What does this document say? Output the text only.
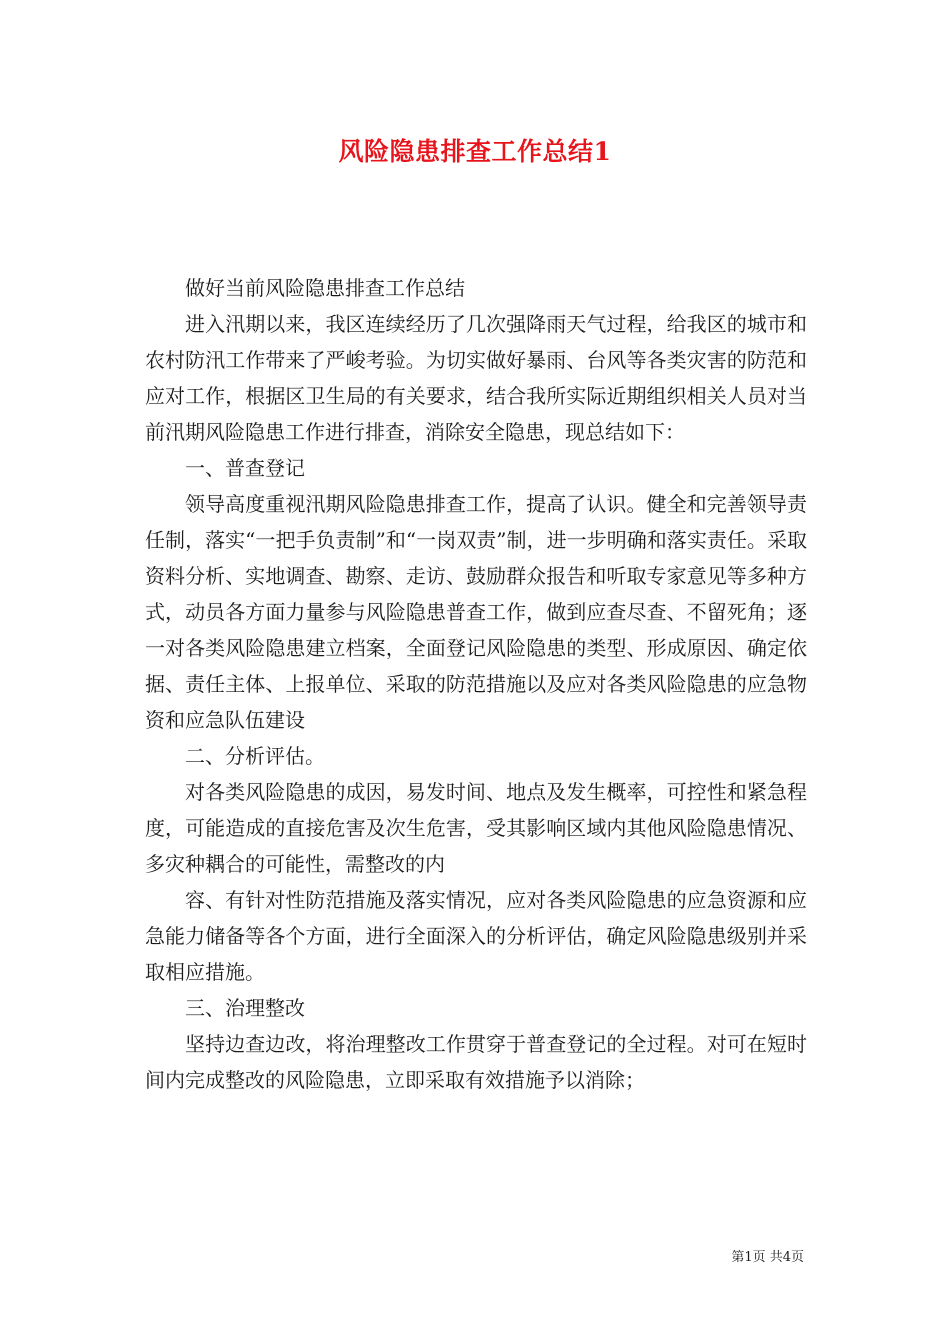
风险隐患排查工作总结1

做好当前风险隐患排查工作总结

进入汛期以来，我区连续经历了几次强降雨天气过程，给我区的城市和农村防汛工作带来了严峻考验。为切实做好暴雨、台风等各类灾害的防范和应对工作，根据区卫生局的有关要求，结合我所实际近期组织相关人员对当前汛期风险隐患工作进行排查，消除安全隐患，现总结如下：

一、普查登记

领导高度重视汛期风险隐患排查工作，提高了认识。健全和完善领导责任制，落实“一把手负责制”和“一岗双责”制，进一步明确和落实责任。采取资料分析、实地调查、勘察、走访、鼓励群众报告和听取专家意见等多种方式，动员各方面力量参与风险隐患普查工作，做到应查尽查、不留死角；逐一对各类风险隐患建立档案，全面登记风险隐患的类型、形成原因、确定依据、责任主体、上报单位、采取的防范措施以及应对各类风险隐患的应急物资和应急队伍建设

二、分析评估。

对各类风险隐患的成因，易发时间、地点及发生概率，可控性和紧急程度，可能造成的直接危害及次生危害，受其影响区域内其他风险隐患情况、多灾种耦合的可能性，需整改的内

容、有针对性防范措施及落实情况，应对各类风险隐患的应急资源和应急能力储备等各个方面，进行全面深入的分析评估，确定风险隐患级别并采取相应措施。

三、治理整改

坚持边查边改，将治理整改工作贯穿于普查登记的全过程。对可在短时间内完成整改的风险隐患，立即采取有效措施予以消除；

第1页 共4页
